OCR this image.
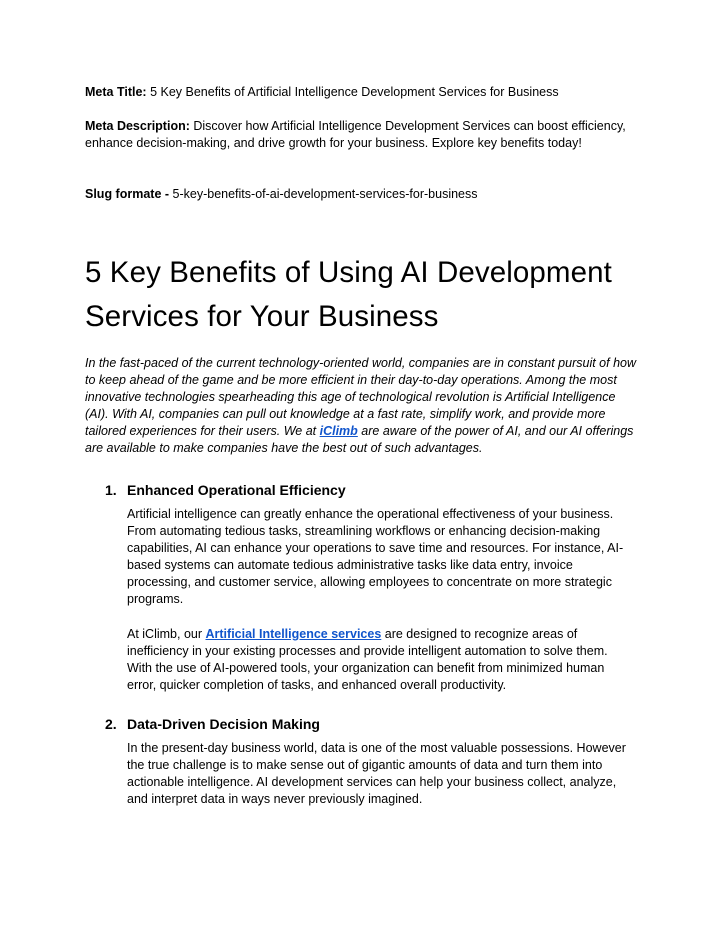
Meta Title: 5 Key Benefits of Artificial Intelligence Development Services for Business
Meta Description: Discover how Artificial Intelligence Development Services can boost efficiency, enhance decision-making, and drive growth for your business. Explore key benefits today!
Slug formate - 5-key-benefits-of-ai-development-services-for-business
5 Key Benefits of Using AI Development Services for Your Business
In the fast-paced of the current technology-oriented world, companies are in constant pursuit of how to keep ahead of the game and be more efficient in their day-to-day operations. Among the most innovative technologies spearheading this age of technological revolution is Artificial Intelligence (AI). With AI, companies can pull out knowledge at a fast rate, simplify work, and provide more tailored experiences for their users. We at iClimb are aware of the power of AI, and our AI offerings are available to make companies have the best out of such advantages.
1. Enhanced Operational Efficiency

Artificial intelligence can greatly enhance the operational effectiveness of your business. From automating tedious tasks, streamlining workflows or enhancing decision-making capabilities, AI can enhance your operations to save time and resources. For instance, AI-based systems can automate tedious administrative tasks like data entry, invoice processing, and customer service, allowing employees to concentrate on more strategic programs.

At iClimb, our Artificial Intelligence services are designed to recognize areas of inefficiency in your existing processes and provide intelligent automation to solve them. With the use of AI-powered tools, your organization can benefit from minimized human error, quicker completion of tasks, and enhanced overall productivity.

2. Data-Driven Decision Making

In the present-day business world, data is one of the most valuable possessions. However the true challenge is to make sense out of gigantic amounts of data and turn them into actionable intelligence. AI development services can help your business collect, analyze, and interpret data in ways never previously imagined.
